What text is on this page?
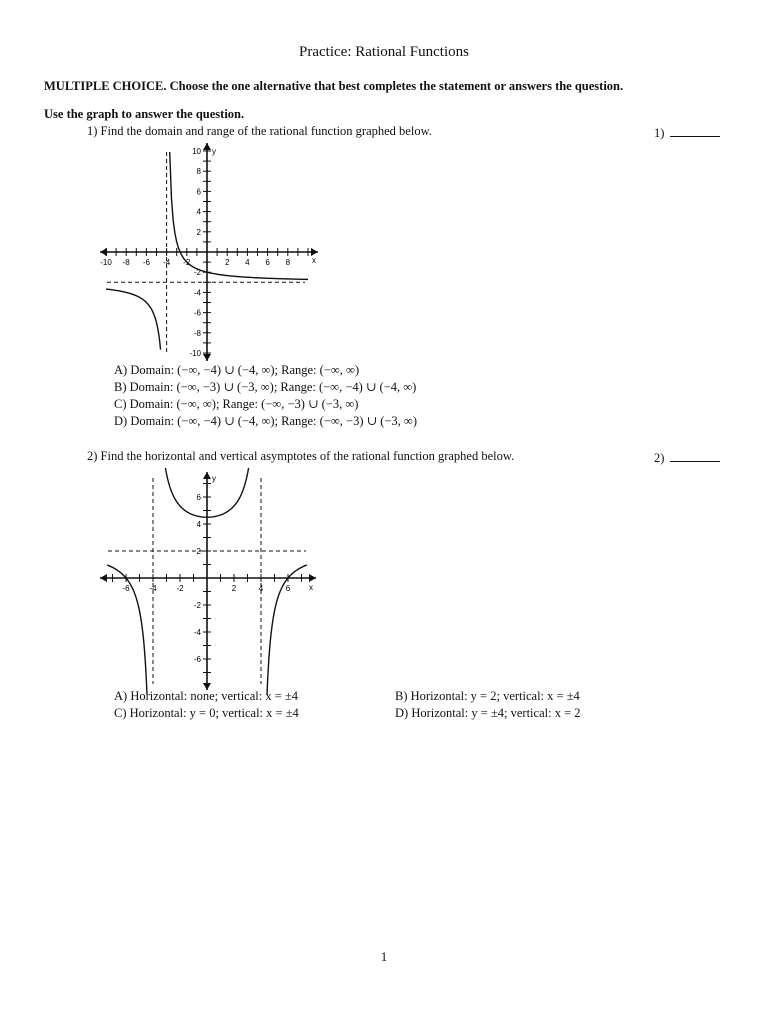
Practice: Rational Functions
MULTIPLE CHOICE. Choose the one alternative that best completes the statement or answers the question.
Use the graph to answer the question.
1) Find the domain and range of the rational function graphed below.	1)
-10 -8 -6 -4 -2	2 4 6 8
10
8
6
4
2
-2
-4
-6
-8
-10
x
y
A) Domain: (−∞, −4) ∪ (−4, ∞); Range: (−∞, ∞)
B) Domain: (−∞, −3) ∪ (−3, ∞); Range: (−∞, −4) ∪ (−4, ∞)
C) Domain: (−∞, ∞); Range: (−∞, −3) ∪ (−3, ∞)
D) Domain: (−∞, −4) ∪ (−4, ∞); Range: (−∞, −3) ∪ (−3, ∞)
2) Find the horizontal and vertical asymptotes of the rational function graphed below.	2)
-6 -4 -2	2	4	6
6
4
2
-2
-4
-6
x
y
A) Horizontal: none; vertical: x = ±4	B) Horizontal: y = 2; vertical: x = ±4
C) Horizontal: y = 0; vertical: x = ±4	D) Horizontal: y = ±4; vertical: x = 2
1
